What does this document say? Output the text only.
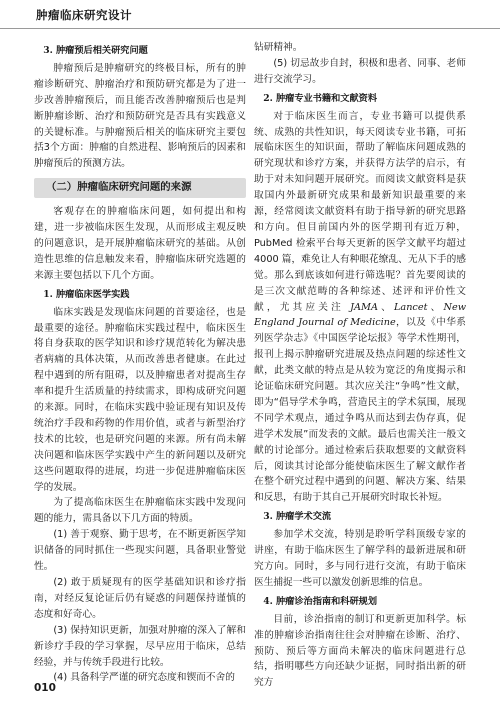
肿瘤临床研究设计
3. 肿瘤预后相关研究问题

肿瘤预后是肿瘤研究的终极目标，所有的肿瘤诊断研究、肿瘤治疗和预防研究都是为了进一步改善肿瘤预后，而且能否改善肿瘤预后也是判断肿瘤诊断、治疗和预防研究是否具有实践意义的关键标准。与肿瘤预后相关的临床研究主要包括3个方面：肿瘤的自然进程、影响预后的因素和肿瘤预后的预测方法。

（二）肿瘤临床研究问题的来源

客观存在的肿瘤临床问题，如何提出和构建，进一步被临床医生发现，从而形成主观反映的问题意识，是开展肿瘤临床研究的基础。从创造性思维的信息触发来看，肿瘤临床研究选题的来源主要包括以下几个方面。

1. 肿瘤临床医学实践

临床实践是发现临床问题的首要途径，也是最重要的途径。肿瘤临床实践过程中，临床医生将自身获取的医学知识和诊疗规范转化为解决患者病痛的具体决策，从而改善患者健康。在此过程中遇到的所有阻碍，以及肿瘤患者对提高生存率和提升生活质量的持续需求，即构成研究问题的来源。同时，在临床实践中验证现有知识及传统治疗手段和药物的作用价值，或者与新型治疗技术的比较，也是研究问题的来源。所有尚未解决问题和临床医学实践中产生的新问题以及研究这些问题取得的进展，均进一步促进肿瘤临床医学的发展。

为了提高临床医生在肿瘤临床实践中发现问题的能力，需具备以下几方面的特质。

(1) 善于观察、勤于思考，在不断更新医学知识储备的同时抓住一些现实问题，具备职业警觉性。

(2) 敢于质疑现有的医学基础知识和诊疗指南，对经反复论证后仍有疑惑的问题保持谨慎的态度和好奇心。

(3) 保持知识更新，加强对肿瘤的深入了解和新诊疗手段的学习掌握，尽早应用于临床，总结经验，并与传统手段进行比较。

(4) 具备科学严谨的研究态度和锲而不舍的

钻研精神。

(5) 切忌故步自封，积极和患者、同事、老师进行交流学习。

2. 肿瘤专业书籍和文献资料

对于临床医生而言，专业书籍可以提供系统、成熟的共性知识，每天阅读专业书籍，可拓展临床医生的知识面，帮助了解临床问题成熟的研究现状和诊疗方案，并获得方法学的启示，有助于对未知问题开展研究。而阅读文献资料是获取国内外最新研究成果和最新知识最重要的来源，经常阅读文献资料有助于指导新的研究思路和方向。但目前国内外的医学期刊有近万种，PubMed 检索平台每天更新的医学文献平均超过4000 篇，难免让人有种眼花缭乱、无从下手的感觉。那么到底该如何进行筛选呢？首先要阅读的是三次文献范畴的各种综述、述评和评价性文献，尤其应关注 JAMA、Lancet、New England Journal of Medicine，以及《中华系列医学杂志》《中国医学论坛报》等学术性期刊，报刊上揭示肿瘤研究进展及热点问题的综述性文献，此类文献的特点是从较为宽泛的角度揭示和论证临床研究问题。其次应关注“争鸣”性文献，即为“倡导学术争鸣，营造民主的学术氛围，展现不同学术观点，通过争鸣从而达到去伪存真，促进学术发展”而发表的文献。最后也需关注一般文献的讨论部分。通过检索后获取想要的文献资料后，阅读其讨论部分能使临床医生了解文献作者在整个研究过程中遇到的问题、解决方案、结果和反思，有助于其自己开展研究时取长补短。

3. 肿瘤学术交流

参加学术交流，特别是聆听学科顶级专家的讲座，有助于临床医生了解学科的最新进展和研究方向。同时，多与同行进行交流，有助于临床医生捕捉一些可以激发创新思维的信息。

4. 肿瘤诊治指南和科研规划

目前，诊治指南的制订和更新更加科学。标准的肿瘤诊治指南往往会对肿瘤在诊断、治疗、预防、预后等方面尚未解决的临床问题进行总结，指明哪些方向还缺少证据，同时指出新的研究方

010
